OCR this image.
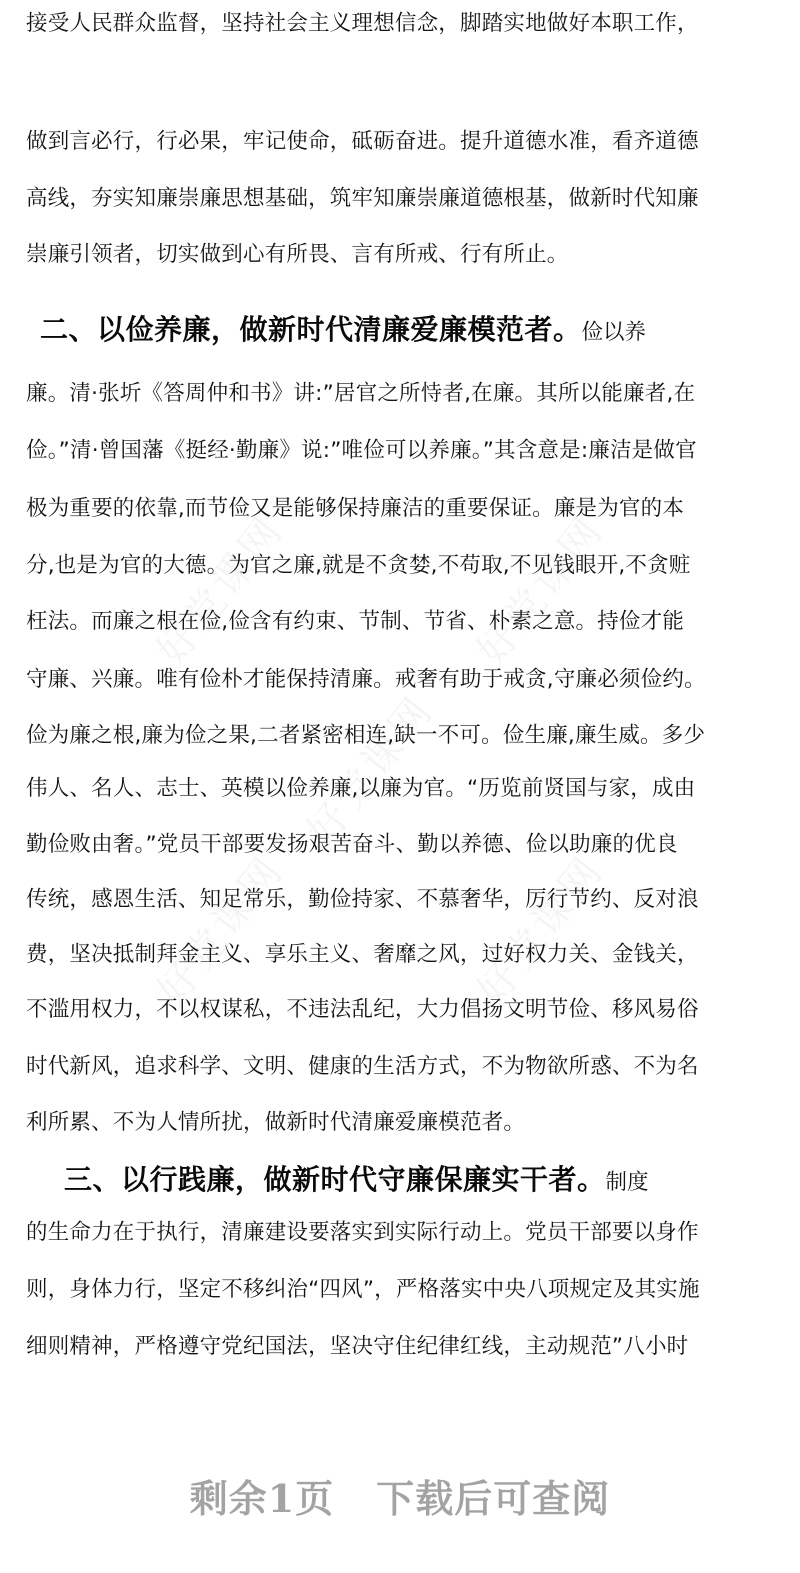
接受人民群众监督，坚持社会主义理想信念，脚踏实地做好本职工作，
做到言必行，行必果，牢记使命，砥砺奋进。提升道德水准，看齐道德
高线，夯实知廉崇廉思想基础，筑牢知廉崇廉道德根基，做新时代知廉
崇廉引领者，切实做到心有所畏、言有所戒、行有所止。
二、以俭养廉，做新时代清廉爱廉模范者。俭以养
廉。清·张圻《答周仲和书》讲:”居官之所恃者,在廉。其所以能廉者,在
俭。”清·曾国藩《挺经·勤廉》说:”唯俭可以养廉。”其含意是:廉洁是做官
极为重要的依靠,而节俭又是能够保持廉洁的重要保证。廉是为官的本
分,也是为官的大德。为官之廉,就是不贪婪,不苟取,不见钱眼开,不贪赃
枉法。而廉之根在俭,俭含有约束、节制、节省、朴素之意。持俭才能
守廉、兴廉。唯有俭朴才能保持清廉。戒奢有助于戒贪,守廉必须俭约。
俭为廉之根,廉为俭之果,二者紧密相连,缺一不可。俭生廉,廉生威。多少
伟人、名人、志士、英模以俭养廉,以廉为官。“历览前贤国与家，成由
勤俭败由奢。”党员干部要发扬艰苦奋斗、勤以养德、俭以助廉的优良
传统，感恩生活、知足常乐，勤俭持家、不慕奢华，厉行节约、反对浪
费，坚决抵制拜金主义、享乐主义、奢靡之风，过好权力关、金钱关，
不滥用权力，不以权谋私，不违法乱纪，大力倡扬文明节俭、移风易俗
时代新风，追求科学、文明、健康的生活方式，不为物欲所惑、不为名
利所累、不为人情所扰，做新时代清廉爱廉模范者。
三、以行践廉，做新时代守廉保廉实干者。制度
的生命力在于执行，清廉建设要落实到实际行动上。党员干部要以身作
则，身体力行，坚定不移纠治“四风”，严格落实中央八项规定及其实施
细则精神，严格遵守党纪国法，坚决守住纪律红线，主动规范”八小时
剩余1页 下载后可查阅
